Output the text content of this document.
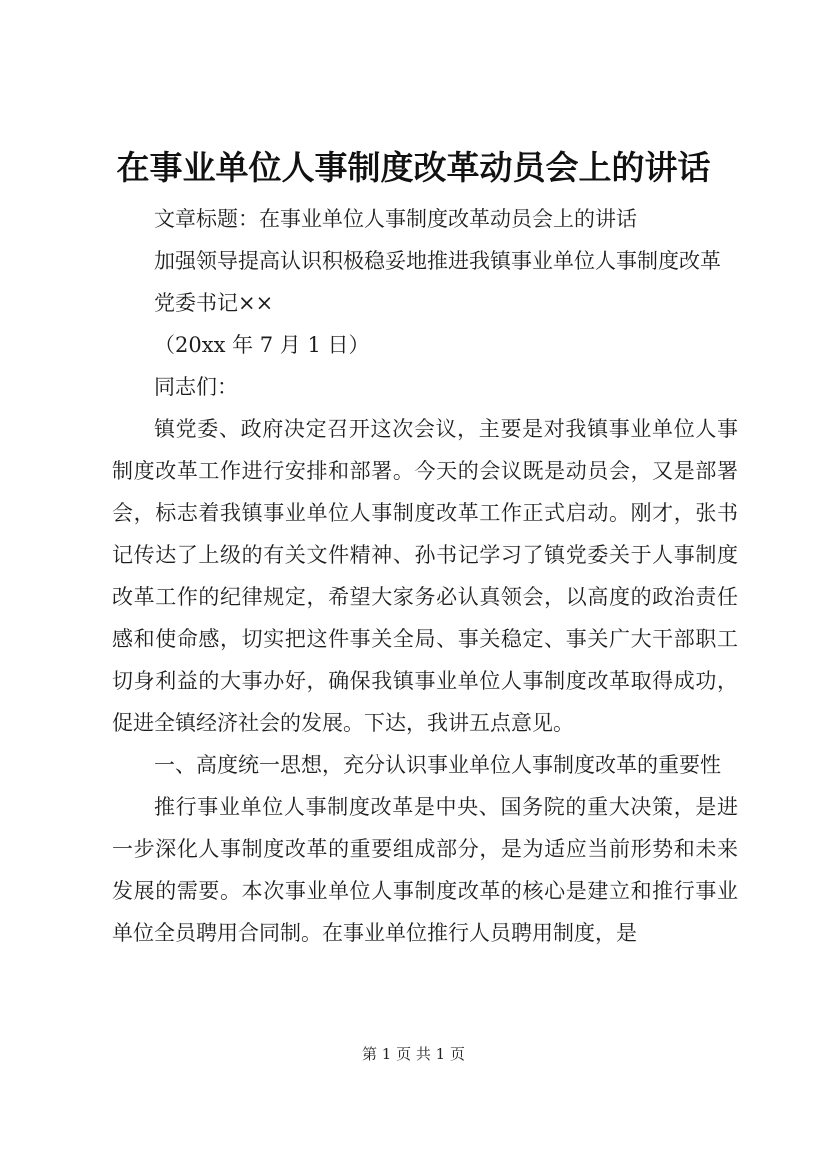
在事业单位人事制度改革动员会上的讲话

文章标题：在事业单位人事制度改革动员会上的讲话

加强领导提高认识积极稳妥地推进我镇事业单位人事制度改革

党委书记××

（20xx 年 7 月 1 日）

同志们：

镇党委、政府决定召开这次会议，主要是对我镇事业单位人事制度改革工作进行安排和部署。今天的会议既是动员会，又是部署会，标志着我镇事业单位人事制度改革工作正式启动。刚才，张书记传达了上级的有关文件精神、孙书记学习了镇党委关于人事制度改革工作的纪律规定，希望大家务必认真领会，以高度的政治责任感和使命感，切实把这件事关全局、事关稳定、事关广大干部职工切身利益的大事办好，确保我镇事业单位人事制度改革取得成功，促进全镇经济社会的发展。下达，我讲五点意见。

一、高度统一思想，充分认识事业单位人事制度改革的重要性

推行事业单位人事制度改革是中央、国务院的重大决策，是进一步深化人事制度改革的重要组成部分，是为适应当前形势和未来发展的需要。本次事业单位人事制度改革的核心是建立和推行事业单位全员聘用合同制。在事业单位推行人员聘用制度，是

第 1 页 共 1 页
